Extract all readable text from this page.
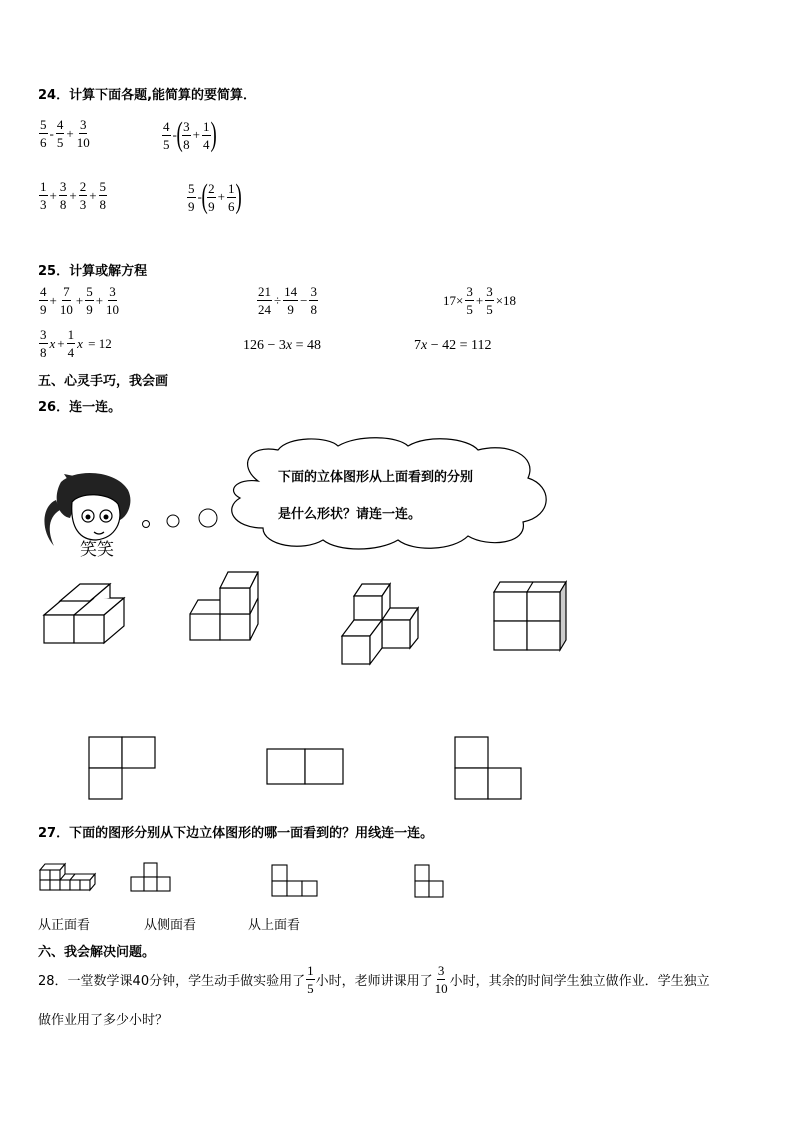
24．计算下面各题,能简算的要简算．
$\frac{5}{6} - \frac{4}{5} + \frac{3}{10}$	$\frac{4}{5}$ - ( $\frac{3}{8} + \frac{1}{4}$ )
$\frac{1}{3} + \frac{3}{8} + \frac{2}{3} + \frac{5}{8}$	$\frac{5}{9}$ - ( $\frac{2}{9} + \frac{1}{6}$ )
25．计算或解方程
$\frac{4}{9} + \frac{7}{10} + \frac{5}{9} + \frac{3}{10}$	$\frac{21}{24} \div \frac{14}{9} - \frac{3}{8}$	$17\times \frac{3}{5} + \frac{3}{5} \times 18$
$\frac{3}{8}$ $x + \frac{1}{4}$ x = 12	126 − 3 x = 48	7 x − 42 = 112
五、心灵手巧，我会画
26．连一连。
下面的立体图形从上面看到的分别
是什么形状？请连一连。
笑笑
27．下面的图形分别从下边立体图形的哪一面看到的？用线连一连。
从正面看	从侧面看	从上面看
六、我会解决问题。
28．一堂数学课40分钟，学生动手做实验用了 $\frac{1}{5}$ 小时，老师讲课用了 $\frac{3}{10}$ 小时，其余的时间学生独立做作业．学生独立
做作业用了多少小时？
